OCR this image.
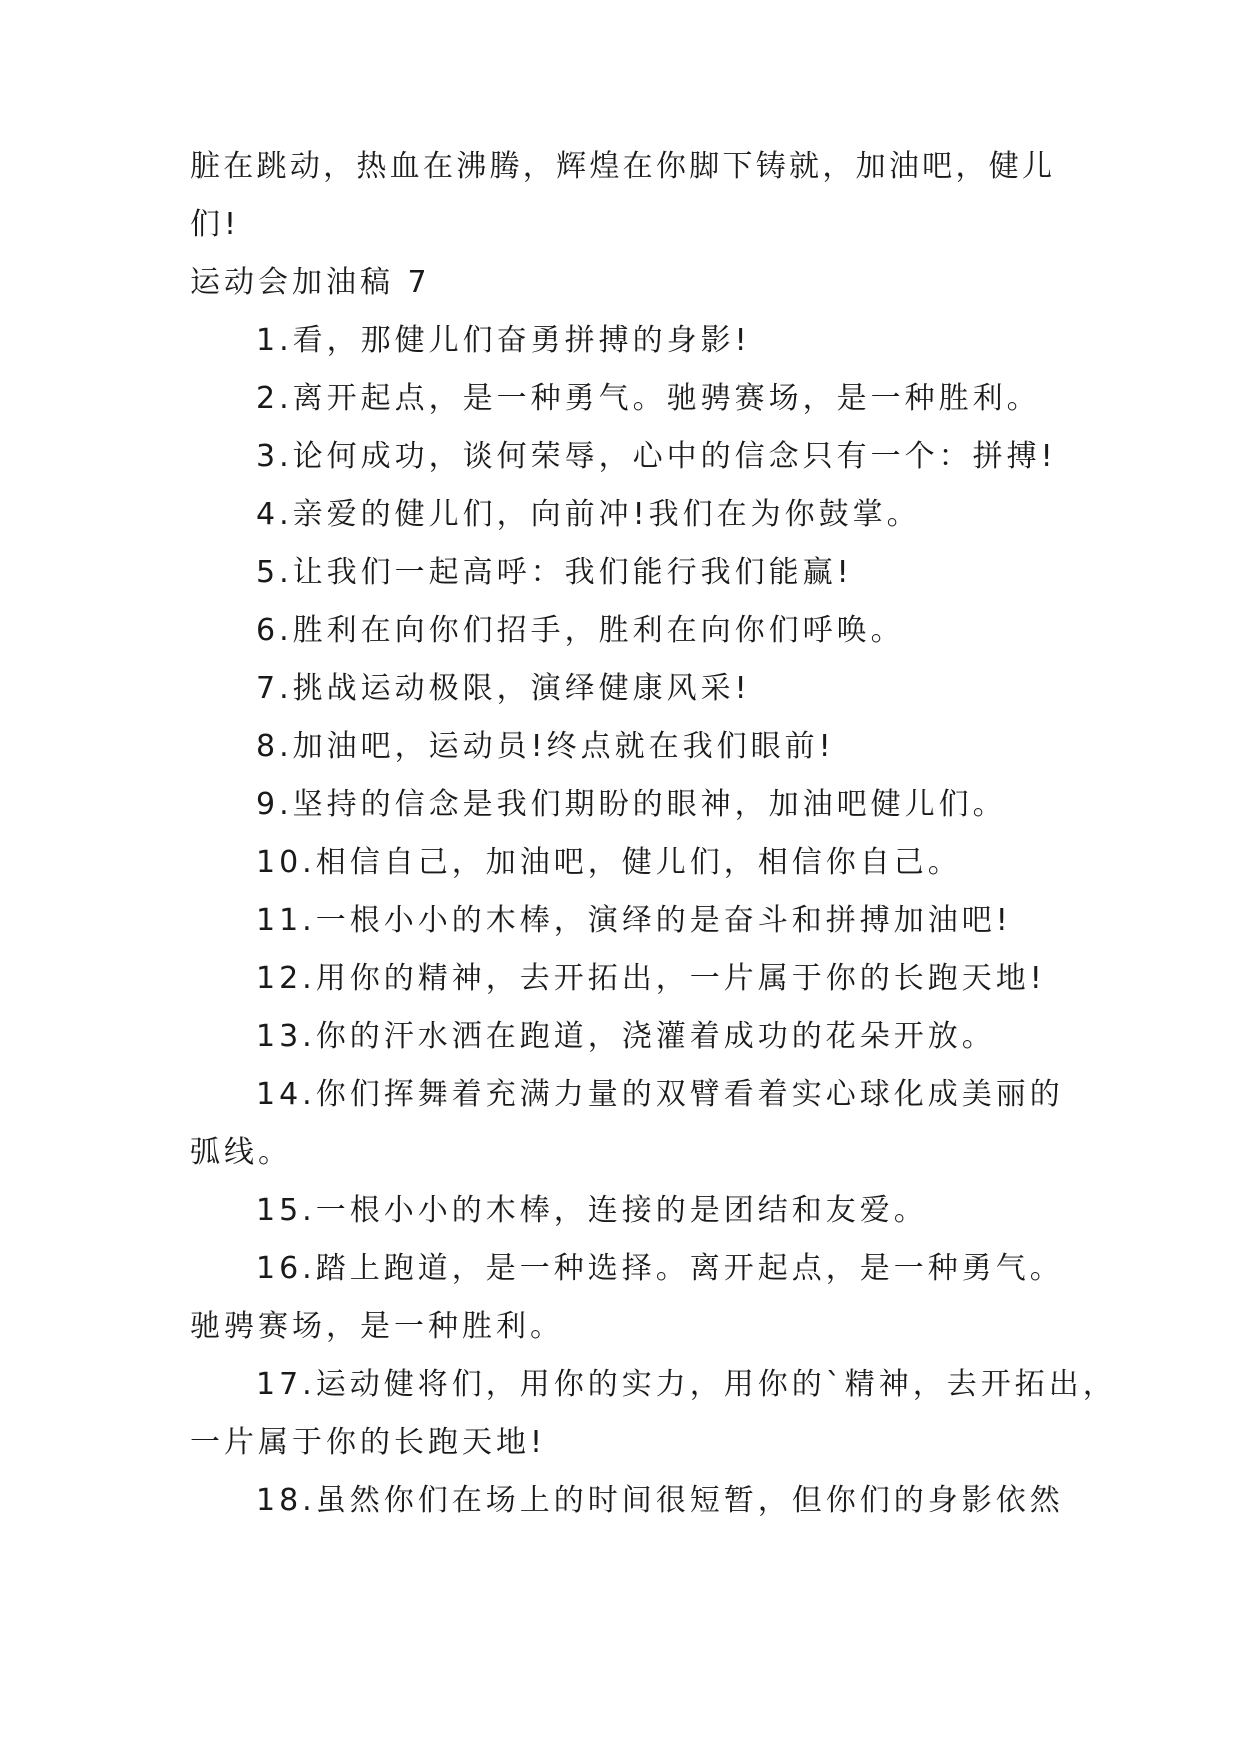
脏在跳动，热血在沸腾，辉煌在你脚下铸就，加油吧，健儿
们!
运动会加油稿 7
1.看，那健儿们奋勇拼搏的身影!
2.离开起点，是一种勇气。驰骋赛场，是一种胜利。
3.论何成功，谈何荣辱，心中的信念只有一个：拼搏!
4.亲爱的健儿们，向前冲!我们在为你鼓掌。
5.让我们一起高呼：我们能行我们能赢!
6.胜利在向你们招手，胜利在向你们呼唤。
7.挑战运动极限，演绎健康风采!
8.加油吧，运动员!终点就在我们眼前!
9.坚持的信念是我们期盼的眼神，加油吧健儿们。
10.相信自己，加油吧，健儿们，相信你自己。
11.一根小小的木棒，演绎的是奋斗和拼搏加油吧!
12.用你的精神，去开拓出，一片属于你的长跑天地!
13.你的汗水洒在跑道，浇灌着成功的花朵开放。
14.你们挥舞着充满力量的双臂看着实心球化成美丽的
弧线。
15.一根小小的木棒，连接的是团结和友爱。
16.踏上跑道，是一种选择。离开起点，是一种勇气。
驰骋赛场，是一种胜利。
17.运动健将们，用你的实力，用你的`精神，去开拓出，
一片属于你的长跑天地!
18.虽然你们在场上的时间很短暂，但你们的身影依然
